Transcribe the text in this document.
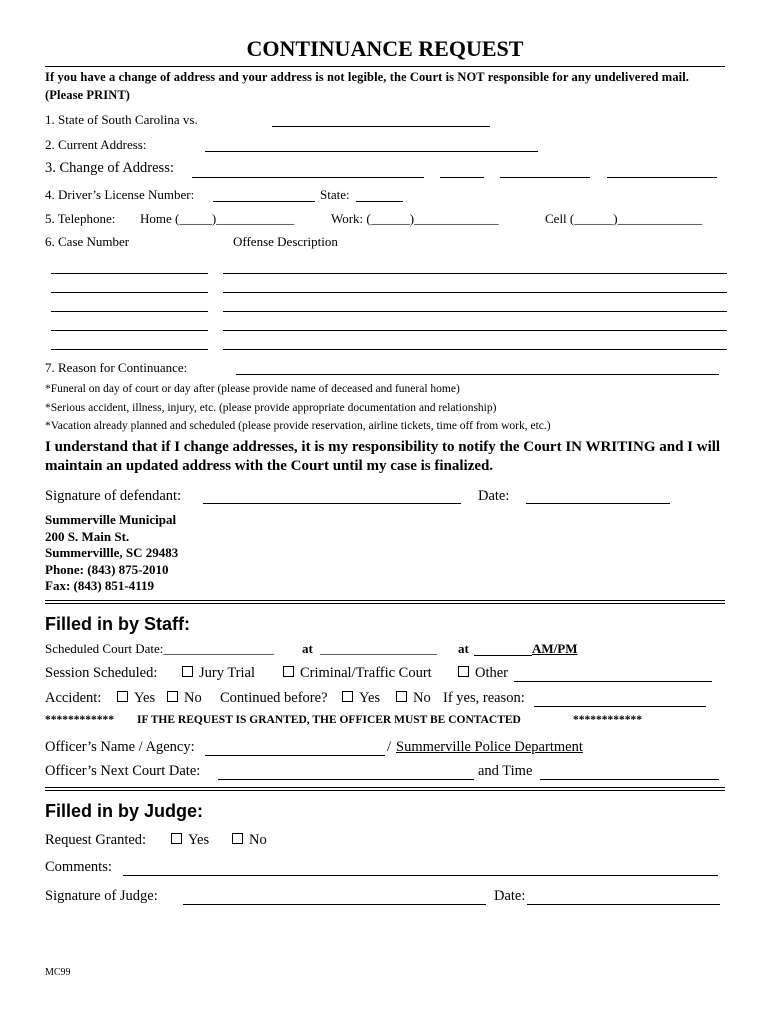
CONTINUANCE REQUEST
If you have a change of address and your address is not legible, the Court is NOT responsible for any undelivered mail. (Please PRINT)
1. State of South Carolina vs.
2. Current Address:
3. Change of Address:
4. Driver’s License Number:	State:
5. Telephone: Home (_____)____________	Work: (______)_____________	Cell (______)_____________
6. Case Number	Offense Description
7. Reason for Continuance:
*Funeral on day of court or day after (please provide name of deceased and funeral home)
*Serious accident, illness, injury, etc. (please provide appropriate documentation and relationship)
*Vacation already planned and scheduled (please provide reservation, airline tickets, time off from work, etc.)
I understand that if I change addresses, it is my responsibility to notify the Court IN WRITING and I will maintain an updated address with the Court until my case is finalized.
Signature of defendant:	Date:
Summerville Municipal
200 S. Main St.
Summervillle, SC 29483
Phone: (843) 875-2010
Fax: (843) 851-4119
Filled in by Staff:
Scheduled Court Date:_________________ at __________________ at	AM/PM
Session Scheduled:	Jury Trial	Criminal/Traffic Court	Other
Accident:	Yes	No Continued before?	Yes	No If yes, reason:
************ IF THE REQUEST IS GRANTED, THE OFFICER MUST BE CONTACTED	************
Officer’s Name / Agency:	/ Summerville Police Department
Officer’s Next Court Date:	and Time
Filled in by Judge:
Request Granted:	Yes	No
Comments:
Signature of Judge:	Date:
MC99
